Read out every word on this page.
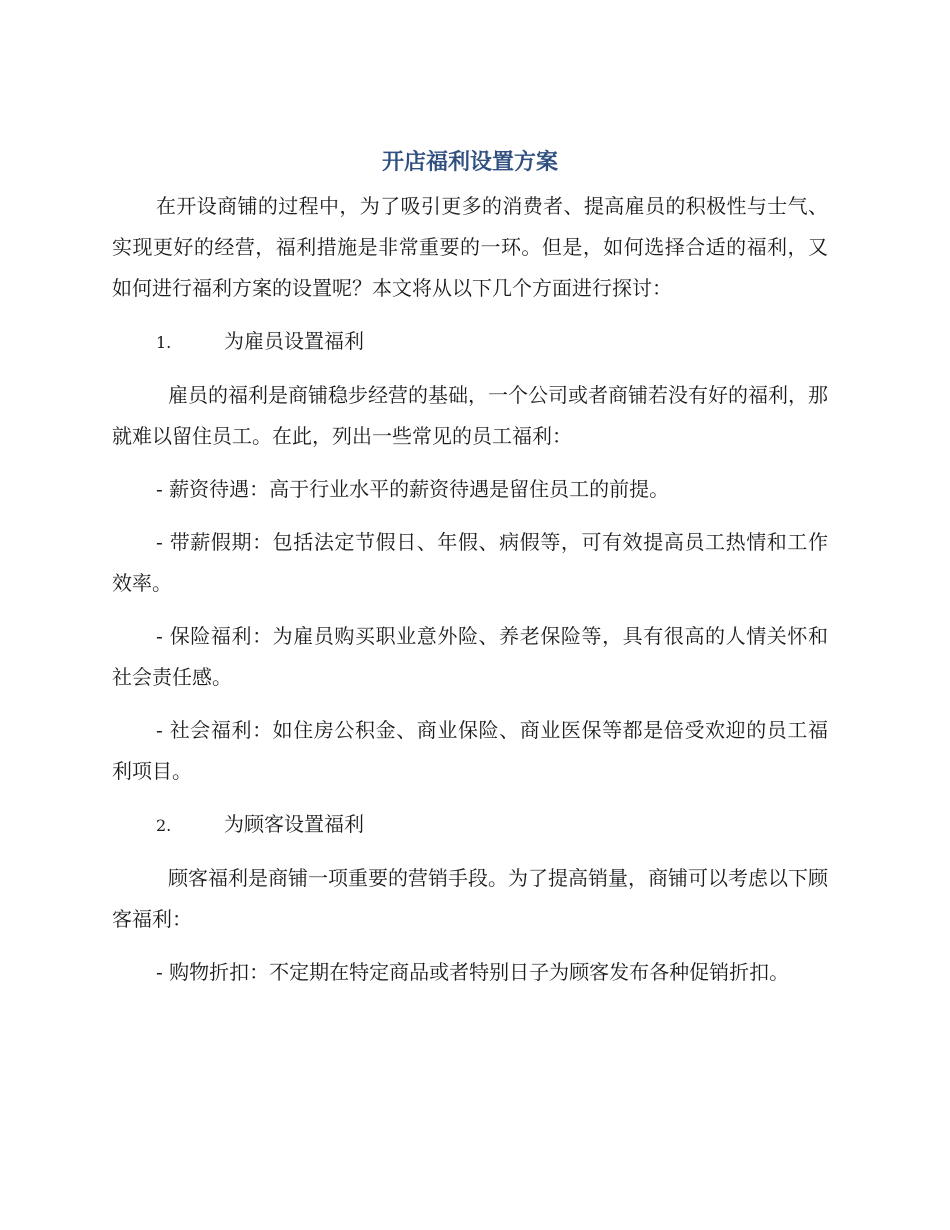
开店福利设置方案

在开设商铺的过程中，为了吸引更多的消费者、提高雇员的积极性与士气、实现更好的经营，福利措施是非常重要的一环。但是，如何选择合适的福利，又如何进行福利方案的设置呢？本文将从以下几个方面进行探讨：

1.	为雇员设置福利

雇员的福利是商铺稳步经营的基础，一个公司或者商铺若没有好的福利，那就难以留住员工。在此，列出一些常见的员工福利：

- 薪资待遇：高于行业水平的薪资待遇是留住员工的前提。

- 带薪假期：包括法定节假日、年假、病假等，可有效提高员工热情和工作效率。

- 保险福利：为雇员购买职业意外险、养老保险等，具有很高的人情关怀和社会责任感。

- 社会福利：如住房公积金、商业保险、商业医保等都是倍受欢迎的员工福利项目。

2.	为顾客设置福利

顾客福利是商铺一项重要的营销手段。为了提高销量，商铺可以考虑以下顾客福利：

- 购物折扣：不定期在特定商品或者特别日子为顾客发布各种促销折扣。
